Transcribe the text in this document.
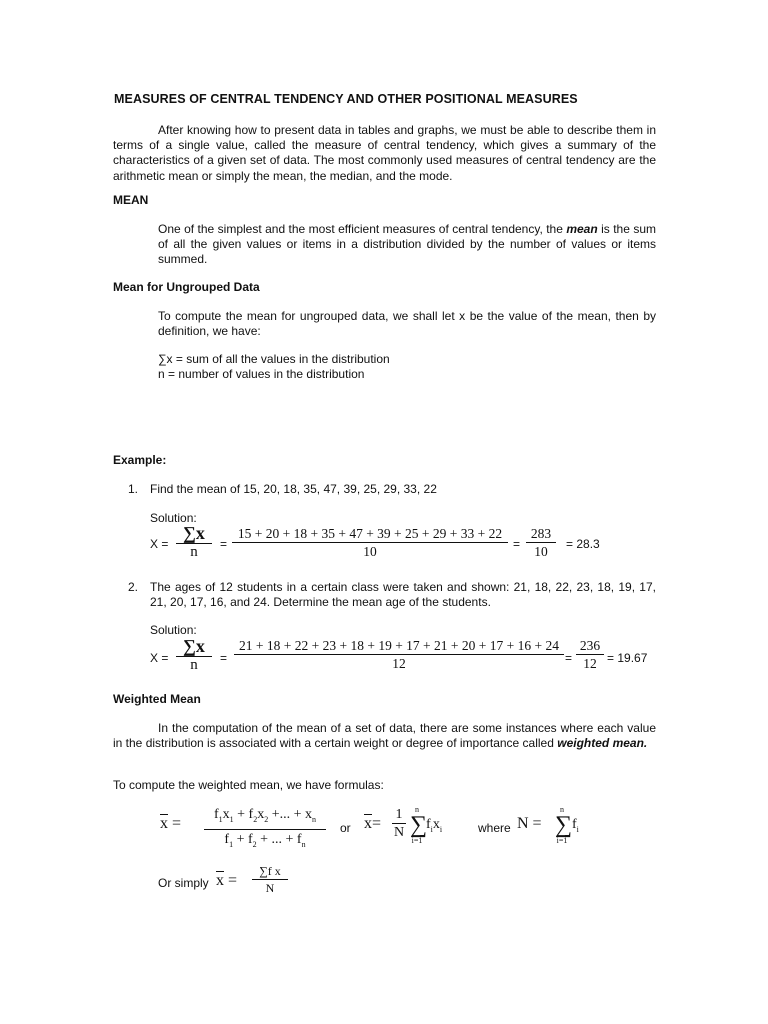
MEASURES OF CENTRAL TENDENCY AND OTHER POSITIONAL MEASURES
After knowing how to present data in tables and graphs, we must be able to describe them in terms of a single value, called the measure of central tendency, which gives a summary of the characteristics of a given set of data. The most commonly used measures of central tendency are the arithmetic mean or simply the mean, the median, and the mode.
MEAN
One of the simplest and the most efficient measures of central tendency, the mean is the sum of all the given values or items in a distribution divided by the number of values or items summed.
Mean for Ungrouped Data
To compute the mean for ungrouped data, we shall let x be the value of the mean, then by definition, we have:
∑x = sum of all the values in the distribution
n = number of values in the distribution
Example:
1. Find the mean of 15, 20, 18, 35, 47, 39, 25, 29, 33, 22
Solution:
X =
∑x
n	=
15 + 20 + 18 + 35 + 47 + 39 + 25 + 29 + 33 + 22
10	=
283
10	= 28.3
2. The ages of 12 students in a certain class were taken and shown: 21, 18, 22, 23, 18, 19, 17, 21, 20, 17, 16, and 24. Determine the mean age of the students.
Solution:
X =
∑x
n	=
21 + 18 + 22 + 23 + 18 + 19 + 17 + 21 + 20 + 17 + 16 + 24
12	=
236
12 = 19.67
Weighted Mean
In the computation of the mean of a set of data, there are some instances where each value in the distribution is associated with a certain weight or degree of importance called weighted mean.
To compute the weighted mean, we have formulas:
$\overline{x}$ =
$f_1x_1 + f_2x_2$ +... + $x_n$
$f_1 + f_2$ + ... + $f_n$
or $\overline{x}=$
1
N
n
∑
i=1
$f_ix_i$	where N =
n
∑
i=1
$f_i$
Or simply $\overline{x}$ =
∑f x
N
